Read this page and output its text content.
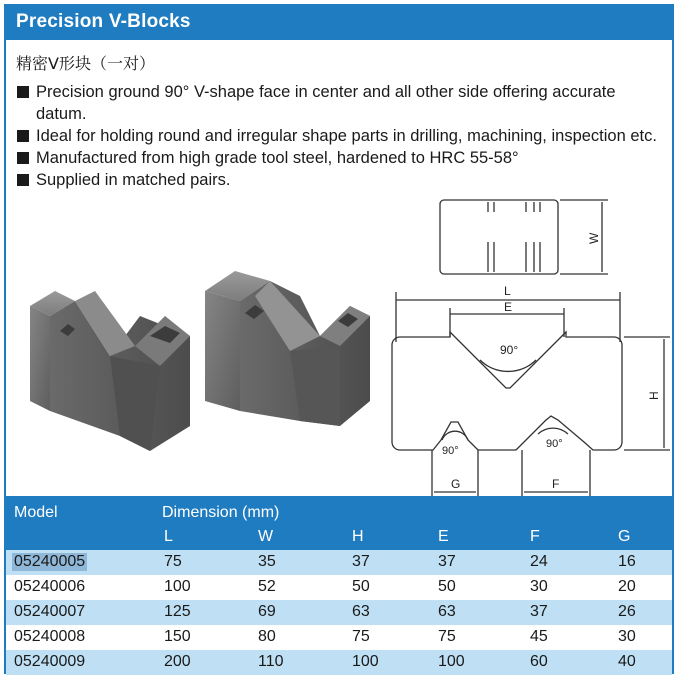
Precision V-Blocks
精密V形块（一对）
Precision ground 90° V-shape face in center and all other side offering accurate datum.
Ideal for holding round and irregular shape parts in drilling, machining, inspection etc.
Manufactured from high grade tool steel, hardened to HRC 55-58°
Supplied in matched pairs.
L
E
90°
90°
90°
G	F
W
H
Model	Dimension (mm)
L	W	H	E	F	G
05240005	75	35	37	37	24	16
05240006	100	52	50	50	30	20
05240007	125	69	63	63	37	26
05240008	150	80	75	75	45	30
05240009	200	110	100	100	60	40
